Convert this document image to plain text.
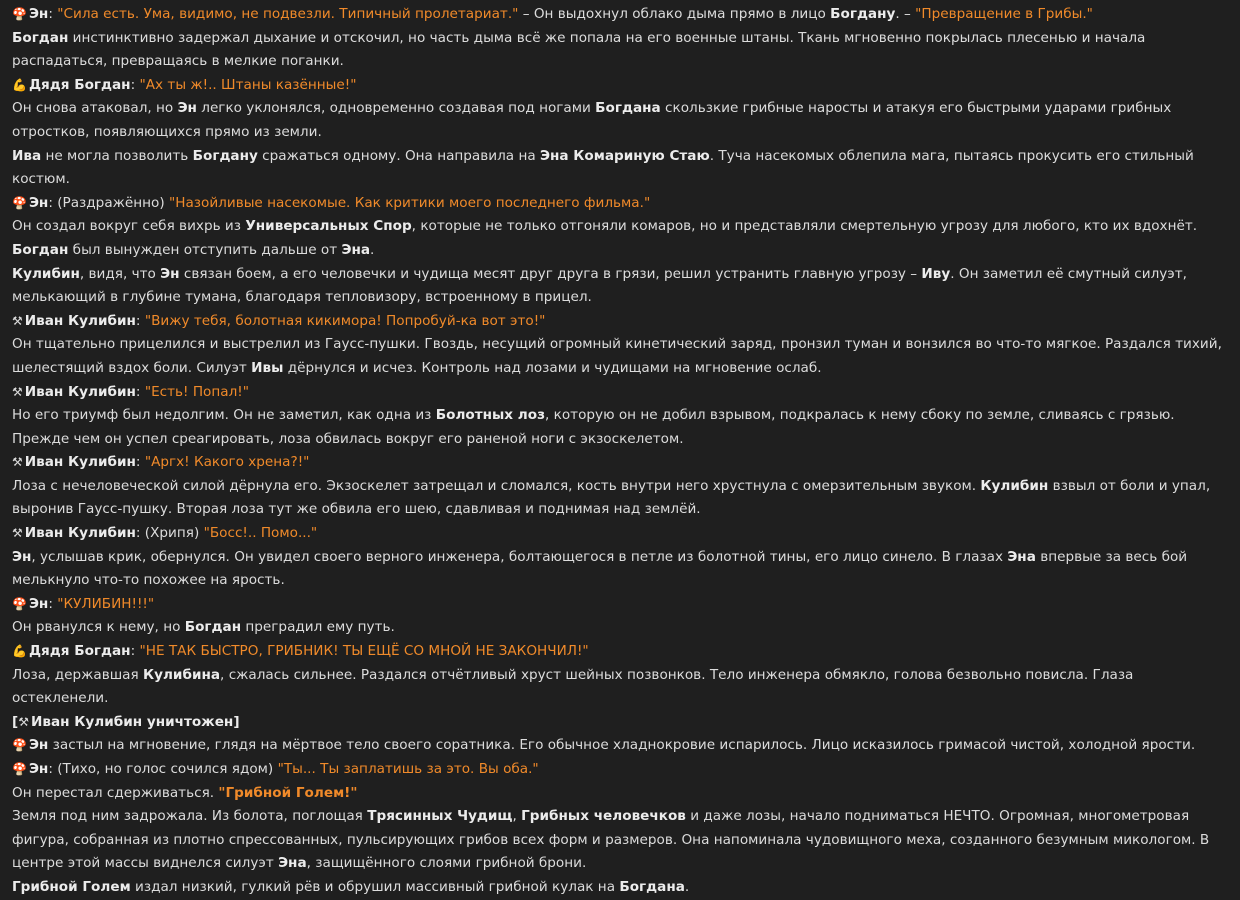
🍄 Эн: "Сила есть. Ума, видимо, не подвезли. Типичный пролетариат." – Он выдохнул облако дыма прямо в лицо Богдану. – "Превращение в Грибы."

Богдан инстинктивно задержал дыхание и отскочил, но часть дыма всё же попала на его военные штаны. Ткань мгновенно покрылась плесенью и начала распадаться, превращаясь в мелкие поганки.

💪 Дядя Богдан: "Ах ты ж!.. Штаны казённые!"

Он снова атаковал, но Эн легко уклонялся, одновременно создавая под ногами Богдана скользкие грибные наросты и атакуя его быстрыми ударами грибных отростков, появляющихся прямо из земли.

Ива не могла позволить Богдану сражаться одному. Она направила на Эна Комариную Стаю. Туча насекомых облепила мага, пытаясь прокусить его стильный костюм.

🍄 Эн: (Раздражённо) "Назойливые насекомые. Как критики моего последнего фильма."

Он создал вокруг себя вихрь из Универсальных Спор, которые не только отгоняли комаров, но и представляли смертельную угрозу для любого, кто их вдохнёт. Богдан был вынужден отступить дальше от Эна.

Кулибин, видя, что Эн связан боем, а его человечки и чудища месят друг друга в грязи, решил устранить главную угрозу – Иву. Он заметил её смутный силуэт, мелькающий в глубине тумана, благодаря тепловизору, встроенному в прицел.

⚒ Иван Кулибин: "Вижу тебя, болотная кикимора! Попробуй-ка вот это!"

Он тщательно прицелился и выстрелил из Гаусс-пушки. Гвоздь, несущий огромный кинетический заряд, пронзил туман и вонзился во что-то мягкое. Раздался тихий, шелестящий вздох боли. Силуэт Ивы дёрнулся и исчез. Контроль над лозами и чудищами на мгновение ослаб.

⚒ Иван Кулибин: "Есть! Попал!"

Но его триумф был недолгим. Он не заметил, как одна из Болотных лоз, которую он не добил взрывом, подкралась к нему сбоку по земле, сливаясь с грязью. Прежде чем он успел среагировать, лоза обвилась вокруг его раненой ноги с экзоскелетом.

⚒ Иван Кулибин: "Аргх! Какого хрена?!"

Лоза с нечеловеческой силой дёрнула его. Экзоскелет затрещал и сломался, кость внутри него хрустнула с омерзительным звуком. Кулибин взвыл от боли и упал, выронив Гаусс-пушку. Вторая лоза тут же обвила его шею, сдавливая и поднимая над землёй.

⚒ Иван Кулибин: (Хрипя) "Босс!.. Помо..."

Эн, услышав крик, обернулся. Он увидел своего верного инженера, болтающегося в петле из болотной тины, его лицо синело. В глазах Эна впервые за весь бой мелькнуло что-то похожее на ярость.

🍄 Эн: "КУЛИБИН!!!"

Он рванулся к нему, но Богдан преградил ему путь.

💪 Дядя Богдан: "НЕ ТАК БЫСТРО, ГРИБНИК! ТЫ ЕЩЁ СО МНОЙ НЕ ЗАКОНЧИЛ!"

Лоза, державшая Кулибина, сжалась сильнее. Раздался отчётливый хруст шейных позвонков. Тело инженера обмякло, голова безвольно повисла. Глаза остекленели.

[⚒ Иван Кулибин уничтожен]

🍄 Эн застыл на мгновение, глядя на мёртвое тело своего соратника. Его обычное хладнокровие испарилось. Лицо исказилось гримасой чистой, холодной ярости.

🍄 Эн: (Тихо, но голос сочился ядом) "Ты... Ты заплатишь за это. Вы оба."

Он перестал сдерживаться. "Грибной Голем!"

Земля под ним задрожала. Из болота, поглощая Трясинных Чудищ, Грибных человечков и даже лозы, начало подниматься НЕЧТО. Огромная, многометровая фигура, собранная из плотно спрессованных, пульсирующих грибов всех форм и размеров. Она напоминала чудовищного меха, созданного безумным микологом. В центре этой массы виднелся силуэт Эна, защищённого слоями грибной брони.

Грибной Голем издал низкий, гулкий рёв и обрушил массивный грибной кулак на Богдана.
